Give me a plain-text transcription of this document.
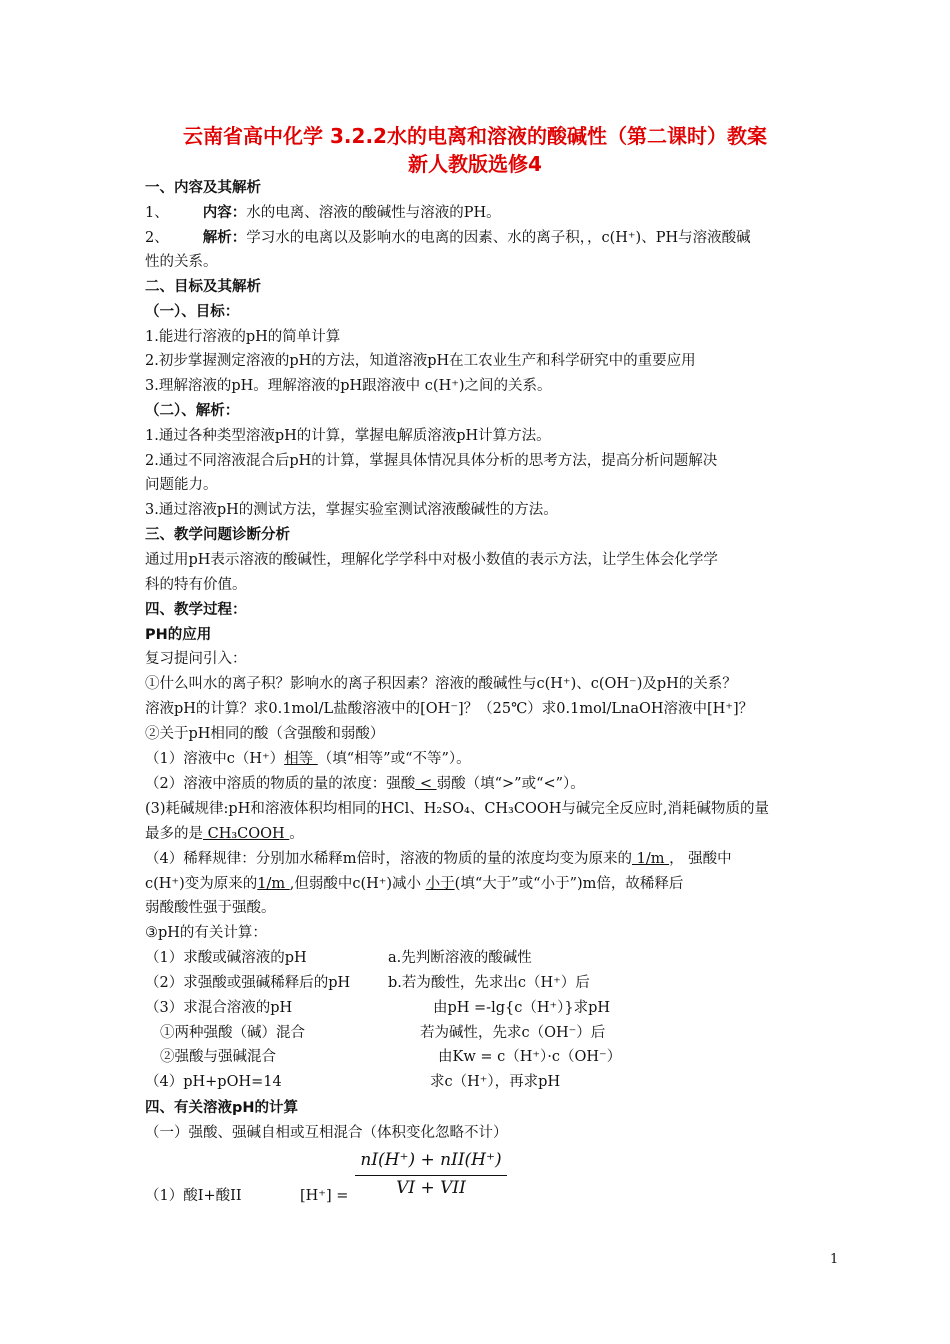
云南省高中化学 3.2.2水的电离和溶液的酸碱性（第二课时）教案
新人教版选修4
一、内容及其解析
1、 内容：水的电离、溶液的酸碱性与溶液的PH。
2、 解析：学习水的电离以及影响水的电离的因素、水的离子积，，c(H⁺)、PH与溶液酸碱
性的关系。
二、目标及其解析
（一）、目标：
1.能进行溶液的pH的简单计算
2.初步掌握测定溶液的pH的方法，知道溶液pH在工农业生产和科学研究中的重要应用
3.理解溶液的pH。理解溶液的pH跟溶液中 c(H⁺)之间的关系。
（二）、解析：
1.通过各种类型溶液pH的计算，掌握电解质溶液pH计算方法。
2.通过不同溶液混合后pH的计算，掌握具体情况具体分析的思考方法，提高分析问题解决
问题能力。
3.通过溶液pH的测试方法，掌握实验室测试溶液酸碱性的方法。
三、教学问题诊断分析
通过用pH表示溶液的酸碱性，理解化学学科中对极小数值的表示方法，让学生体会化学学
科的特有价值。
四、教学过程：
PH的应用
复习提问引入：
①什么叫水的离子积？影响水的离子积因素？溶液的酸碱性与c(H⁺)、c(OH⁻)及pH的关系？
溶液pH的计算？求0.1mol/L盐酸溶液中的[OH⁻]？（25℃）求0.1mol/LnaOH溶液中[H⁺]？
②关于pH相同的酸（含强酸和弱酸）
（1）溶液中c（H⁺）相等 （填“相等”或“不等”）。
（2）溶液中溶质的物质的量的浓度：强酸 < 弱酸（填“>”或“<”）。
(3)耗碱规律:pH和溶液体积均相同的HCl、H₂SO₄、CH₃COOH与碱完全反应时,消耗碱物质的量
最多的是 CH₃COOH 。
（4）稀释规律：分别加水稀释m倍时，溶液的物质的量的浓度均变为原来的 1/m ， 强酸中
c(H⁺)变为原来的1/m ,但弱酸中c(H⁺)减小 小于(填“大于”或“小于”)m倍，故稀释后
弱酸酸性强于强酸。
③pH的有关计算：
（1）求酸或碱溶液的pH
（2）求强酸或强碱稀释后的pH
（3）求混合溶液的pH
①两种强酸（碱）混合
②强酸与强碱混合
（4）pH+pOH=14
a.先判断溶液的酸碱性
b.若为酸性，先求出c（H⁺）后
由pH =-lg{c（H⁺）}求pH
若为碱性，先求c（OH⁻）后
由Kw = c（H⁺）·c（OH⁻）
求c（H⁺），再求pH
四、有关溶液pH的计算
（一）强酸、强碱自相或互相混合（体积变化忽略不计）
（1）酸I+酸II	[H⁺] =
nI(H⁺) + nII(H⁺)
VI + VII
1
